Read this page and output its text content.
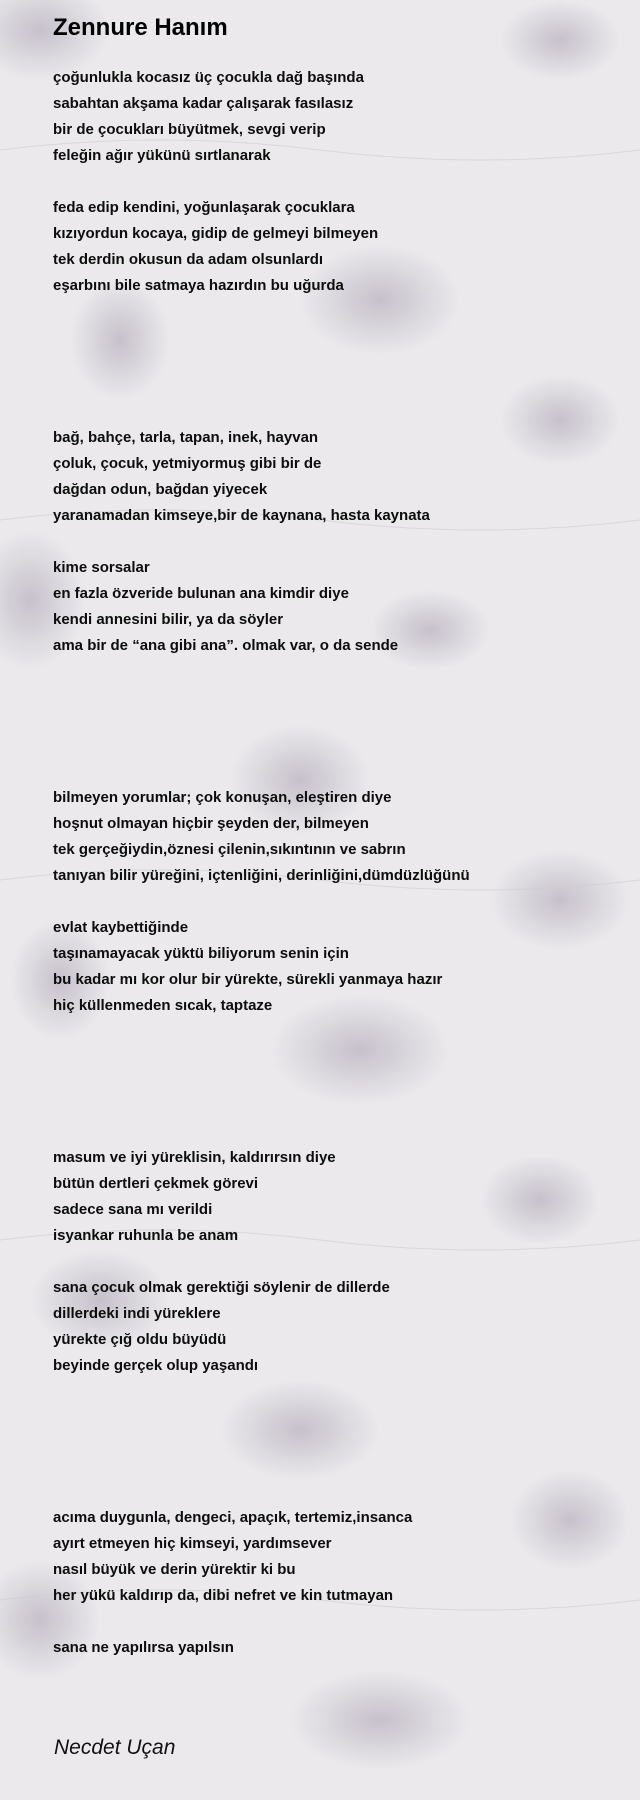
Zennure Hanım
çoğunlukla kocasız üç çocukla dağ başında
sabahtan akşama kadar çalışarak fasılasız
bir de çocukları büyütmek, sevgi verip
feleğin ağır yükünü sırtlanarak
feda edip kendini, yoğunlaşarak çocuklara
kızıyordun kocaya, gidip de gelmeyi bilmeyen
tek derdin okusun da adam olsunlardı
eşarbını bile satmaya hazırdın bu uğurda
bağ, bahçe, tarla, tapan, inek, hayvan
çoluk, çocuk, yetmiyormuş gibi bir de
dağdan odun, bağdan yiyecek
yaranamadan kimseye,bir de kaynana, hasta kaynata
kime sorsalar
en fazla özveride bulunan ana kimdir diye
kendi annesini bilir, ya da söyler
ama bir de “ana gibi ana”. olmak var, o da sende
bilmeyen yorumlar; çok konuşan, eleştiren diye
hoşnut olmayan hiçbir şeyden der, bilmeyen
tek gerçeğiydin,öznesi çilenin,sıkıntının ve sabrın
tanıyan bilir yüreğini, içtenliğini, derinliğini,dümdüzlüğünü
evlat kaybettiğinde
taşınamayacak yüktü biliyorum senin için
bu kadar mı kor olur bir yürekte, sürekli yanmaya hazır
hiç küllenmeden sıcak, taptaze
masum ve iyi yüreklisin, kaldırırsın diye
bütün dertleri çekmek görevi
sadece sana mı verildi
isyankar ruhunla be anam
sana çocuk olmak gerektiği söylenir de dillerde
dillerdeki indi yüreklere
yürekte çığ oldu büyüdü
beyinde gerçek olup yaşandı
acıma duygunla, dengeci, apaçık, tertemiz,insanca
ayırt etmeyen hiç kimseyi, yardımsever
nasıl büyük ve derin yürektir ki bu
her yükü kaldırıp da, dibi nefret ve kin tutmayan
sana ne yapılırsa yapılsın
Necdet Uçan
